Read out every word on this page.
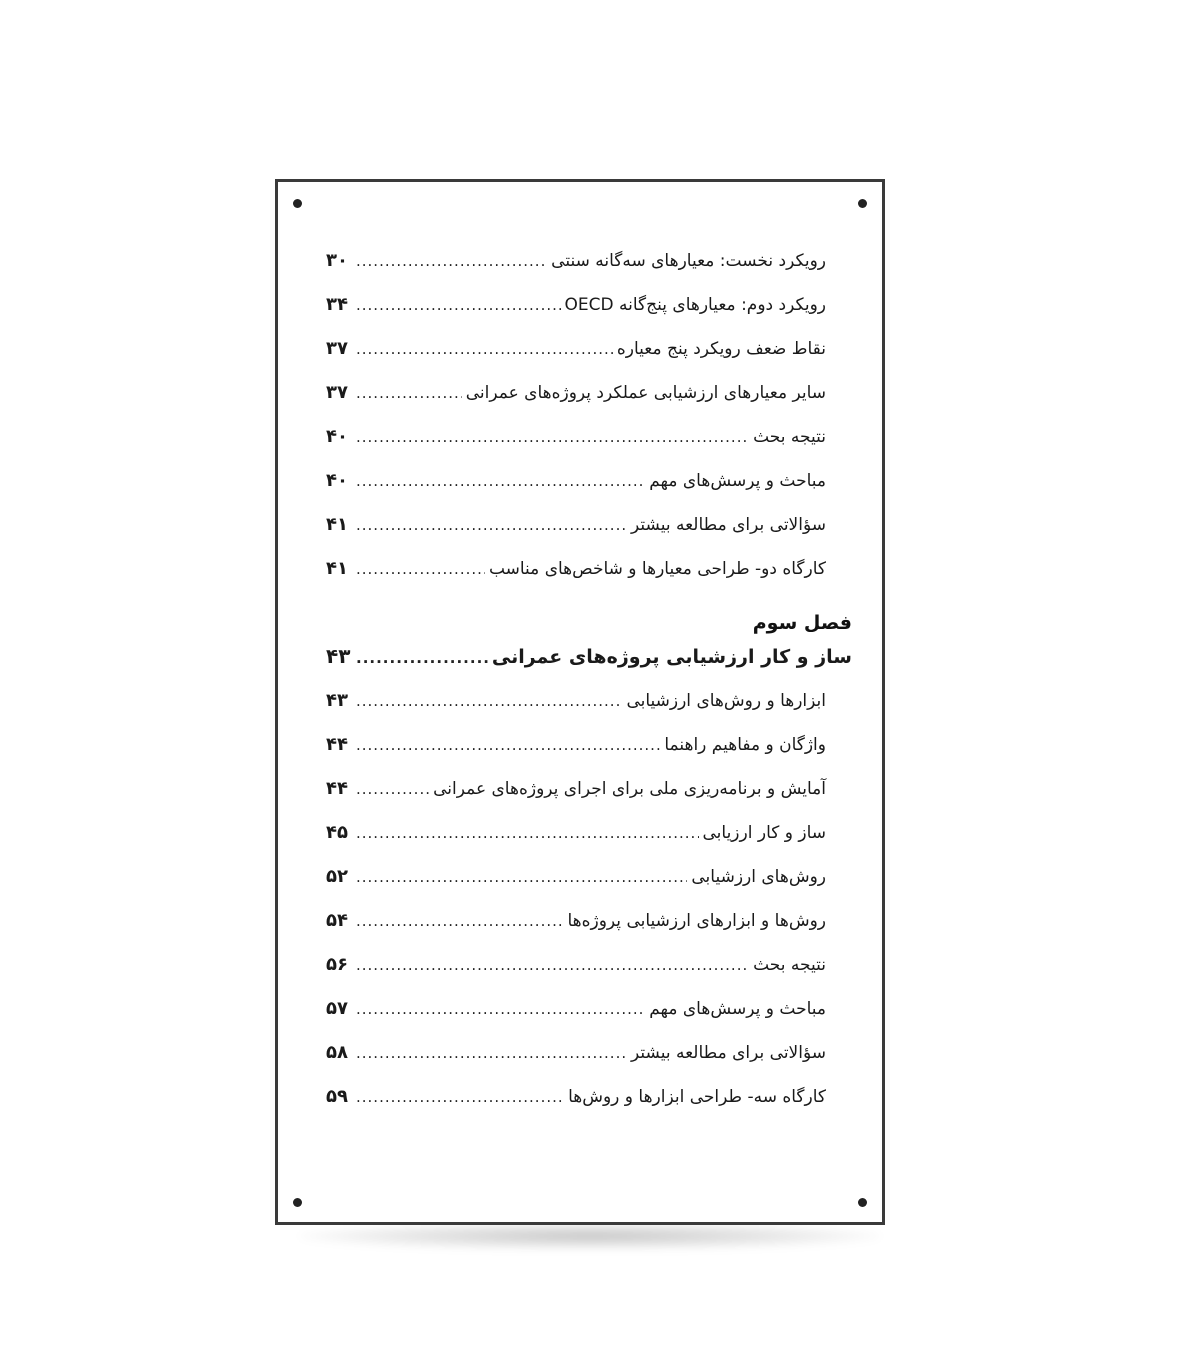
رویکرد نخست: معیارهای سه‌گانه سنتی
.....
۳۰
رویکرد دوم: معیارهای پنج‌گانه OECD
.....
۳۴
نقاط ضعف رویکرد پنج معیاره
.....
۳۷
سایر معیارهای ارزشیابی عملکرد پروژه‌های عمرانی
.....
۳۷
نتیجه بحث
.....
۴۰
مباحث و پرسش‌های مهم
.....
۴۰
سؤالاتی برای مطالعه بیشتر
.....
۴۱
کارگاه دو- طراحی معیارها و شاخص‌های مناسب
.....
۴۱
فصل سوم
ساز و کار ارزشیابی پروژه‌های عمرانی
.....
۴۳
ابزارها و روش‌های ارزشیابی
.....
۴۳
واژگان و مفاهیم راهنما
.....
۴۴
آمایش و برنامه‌ریزی ملی برای اجرای پروژه‌های عمرانی
.....
۴۴
ساز و کار ارزیابی
.....
۴۵
روش‌های ارزشیابی
.....
۵۲
روش‌ها و ابزارهای ارزشیابی پروژه‌ها
.....
۵۴
نتیجه بحث
.....
۵۶
مباحث و پرسش‌های مهم
.....
۵۷
سؤالاتی برای مطالعه بیشتر
.....
۵۸
کارگاه سه- طراحی ابزارها و روش‌ها
.....
۵۹
